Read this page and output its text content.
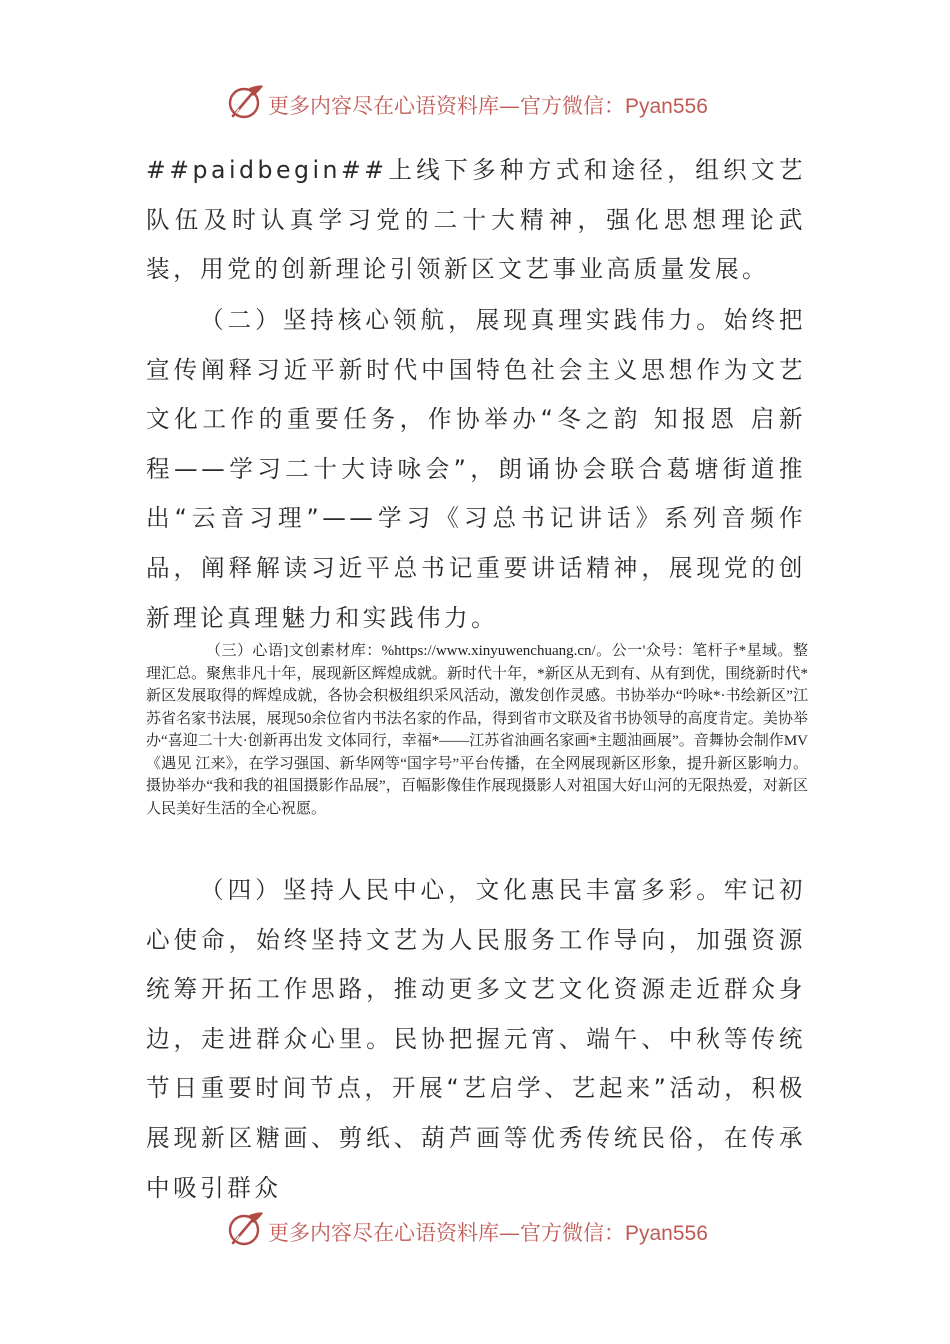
更多内容尽在心语资料库—官方微信：Pyan556

##paidbegin##上线下多种方式和途径，组织文艺队伍及时认真学习党的二十大精神，强化思想理论武装，用党的创新理论引领新区文艺事业高质量发展。

（二）坚持核心领航，展现真理实践伟力。始终把宣传阐释习近平新时代中国特色社会主义思想作为文艺文化工作的重要任务，作协举办“冬之韵 知报恩 启新程——学习二十大诗咏会”，朗诵协会联合葛塘街道推出“云音习理”——学习《习总书记讲话》系列音频作品，阐释解读习近平总书记重要讲话精神，展现党的创新理论真理魅力和实践伟力。

（三）心语]文创素材库：%https://www.xinyuwenchuang.cn/。公一'众号：笔杆子*星域。整理汇总。聚焦非凡十年，展现新区辉煌成就。新时代十年，*新区从无到有、从有到优，围绕新时代*新区发展取得的辉煌成就，各协会积极组织采风活动，激发创作灵感。书协举办“吟咏*·书绘新区”江苏省名家书法展，展现50余位省内书法名家的作品，得到省市文联及省书协领导的高度肯定。美协举办“喜迎二十大·创新再出发 文体同行，幸福*——江苏省油画名家画*主题油画展”。音舞协会制作MV《遇见 江来》，在学习强国、新华网等“国字号”平台传播，在全网展现新区形象，提升新区影响力。摄协举办“我和我的祖国摄影作品展”，百幅影像佳作展现摄影人对祖国大好山河的无限热爱，对新区人民美好生活的全心祝愿。

（四）坚持人民中心，文化惠民丰富多彩。牢记初心使命，始终坚持文艺为人民服务工作导向，加强资源统筹开拓工作思路，推动更多文艺文化资源走近群众身边，走进群众心里。民协把握元宵、端午、中秋等传统节日重要时间节点，开展“艺启学、艺起来”活动，积极展现新区糖画、剪纸、葫芦画等优秀传统民俗，在传承中吸引群众

更多内容尽在心语资料库—官方微信：Pyan556
